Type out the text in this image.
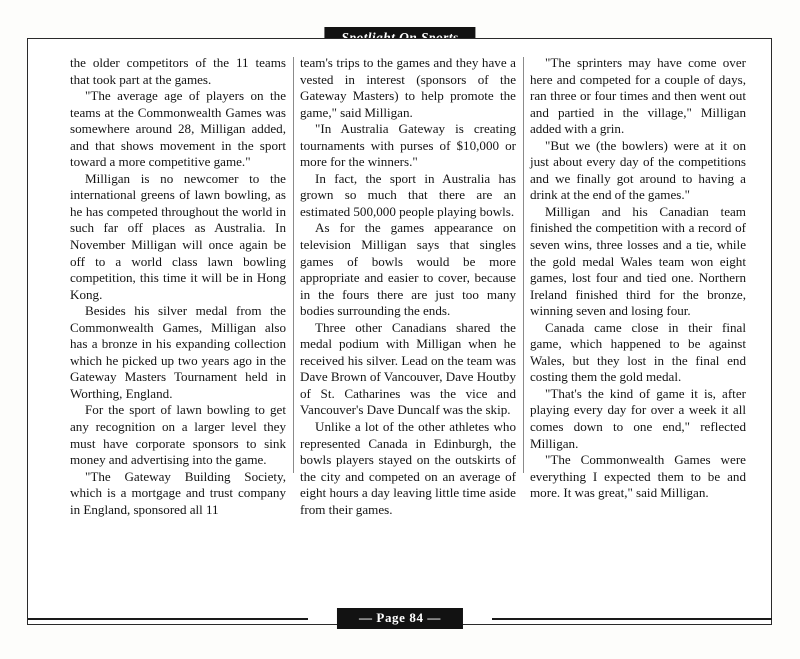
the older competitors of the 11 teams that took part at the games.

"The average age of players on the teams at the Commonwealth Games was somewhere around 28, Milligan added, and that shows movement in the sport toward a more competitive game."

Milligan is no newcomer to the international greens of lawn bowling, as he has competed throughout the world in such far off places as Australia. In November Milligan will once again be off to a world class lawn bowling competition, this time it will be in Hong Kong.

Besides his silver medal from the Commonwealth Games, Milligan also has a bronze in his expanding collection which he picked up two years ago in the Gateway Masters Tournament held in Worthing, England.

For the sport of lawn bowling to get any recognition on a larger level they must have corporate sponsors to sink money and advertising into the game.

"The Gateway Building Society, which is a mortgage and trust company in England, sponsored all 11

team's trips to the games and they have a vested in interest (sponsors of the Gateway Masters) to help promote the game," said Milligan.

"In Australia Gateway is creating tournaments with purses of $10,000 or more for the winners."

In fact, the sport in Australia has grown so much that there are an estimated 500,000 people playing bowls.

As for the games appearance on television Milligan says that singles games of bowls would be more appropriate and easier to cover, because in the fours there are just too many bodies surrounding the ends.

Three other Canadians shared the medal podium with Milligan when he received his silver. Lead on the team was Dave Brown of Vancouver, Dave Houtby of St. Catharines was the vice and Vancouver's Dave Duncalf was the skip.

Unlike a lot of the other athletes who represented Canada in Edinburgh, the bowls players stayed on the outskirts of the city and competed on an average of eight hours a day leaving little time aside from their games.

"The sprinters may have come over here and competed for a couple of days, ran three or four times and then went out and partied in the village," Milligan added with a grin.

"But we (the bowlers) were at it on just about every day of the competitions and we finally got around to having a drink at the end of the games."

Milligan and his Canadian team finished the competition with a record of seven wins, three losses and a tie, while the gold medal Wales team won eight games, lost four and tied one. Northern Ireland finished third for the bronze, winning seven and losing four.

Canada came close in their final game, which happened to be against Wales, but they lost in the final end costing them the gold medal.

"That's the kind of game it is, after playing every day for over a week it all comes down to one end," reflected Milligan.

"The Commonwealth Games were everything I expected them to be and more. It was great," said Milligan.

— Page 84 —
